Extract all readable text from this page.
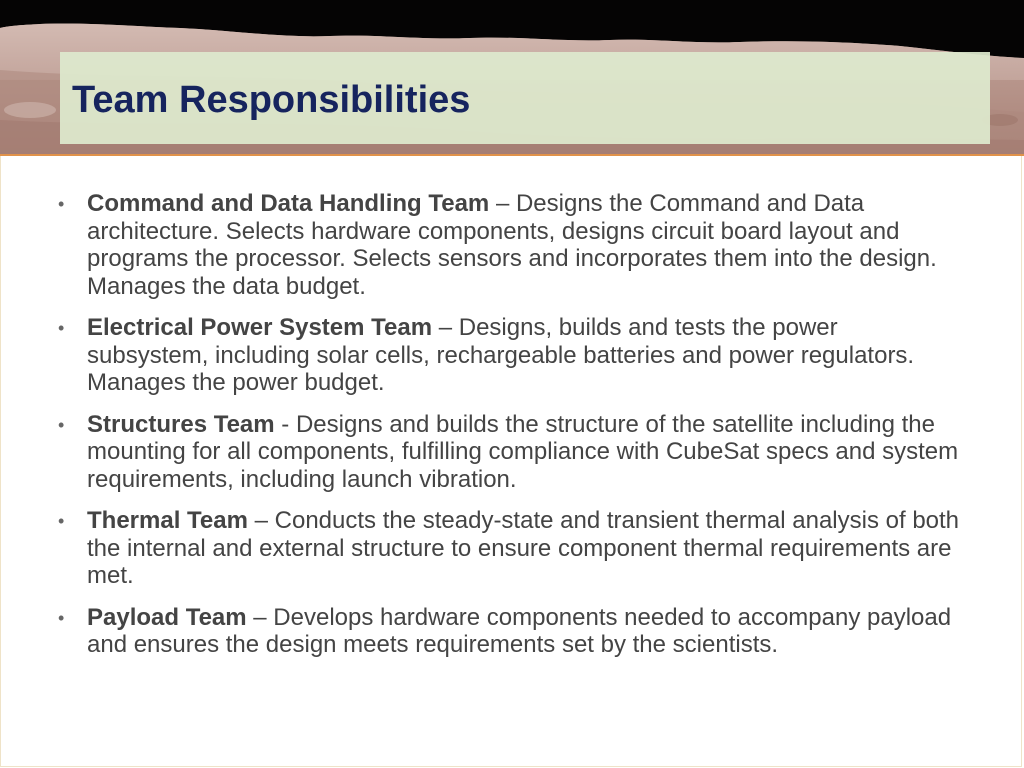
Team Responsibilities
• Command and Data Handling Team – Designs the Command and Data architecture. Selects hardware components, designs circuit board layout and programs the processor. Selects sensors and incorporates them into the design. Manages the data budget.
• Electrical Power System Team – Designs, builds and tests the power subsystem, including solar cells, rechargeable batteries and power regulators. Manages the power budget.
• Structures Team - Designs and builds the structure of the satellite including the mounting for all components, fulfilling compliance with CubeSat specs and system requirements, including launch vibration.
• Thermal Team – Conducts the steady-state and transient thermal analysis of both the internal and external structure to ensure component thermal requirements are met.
• Payload Team – Develops hardware components needed to accompany payload and ensures the design meets requirements set by the scientists.
